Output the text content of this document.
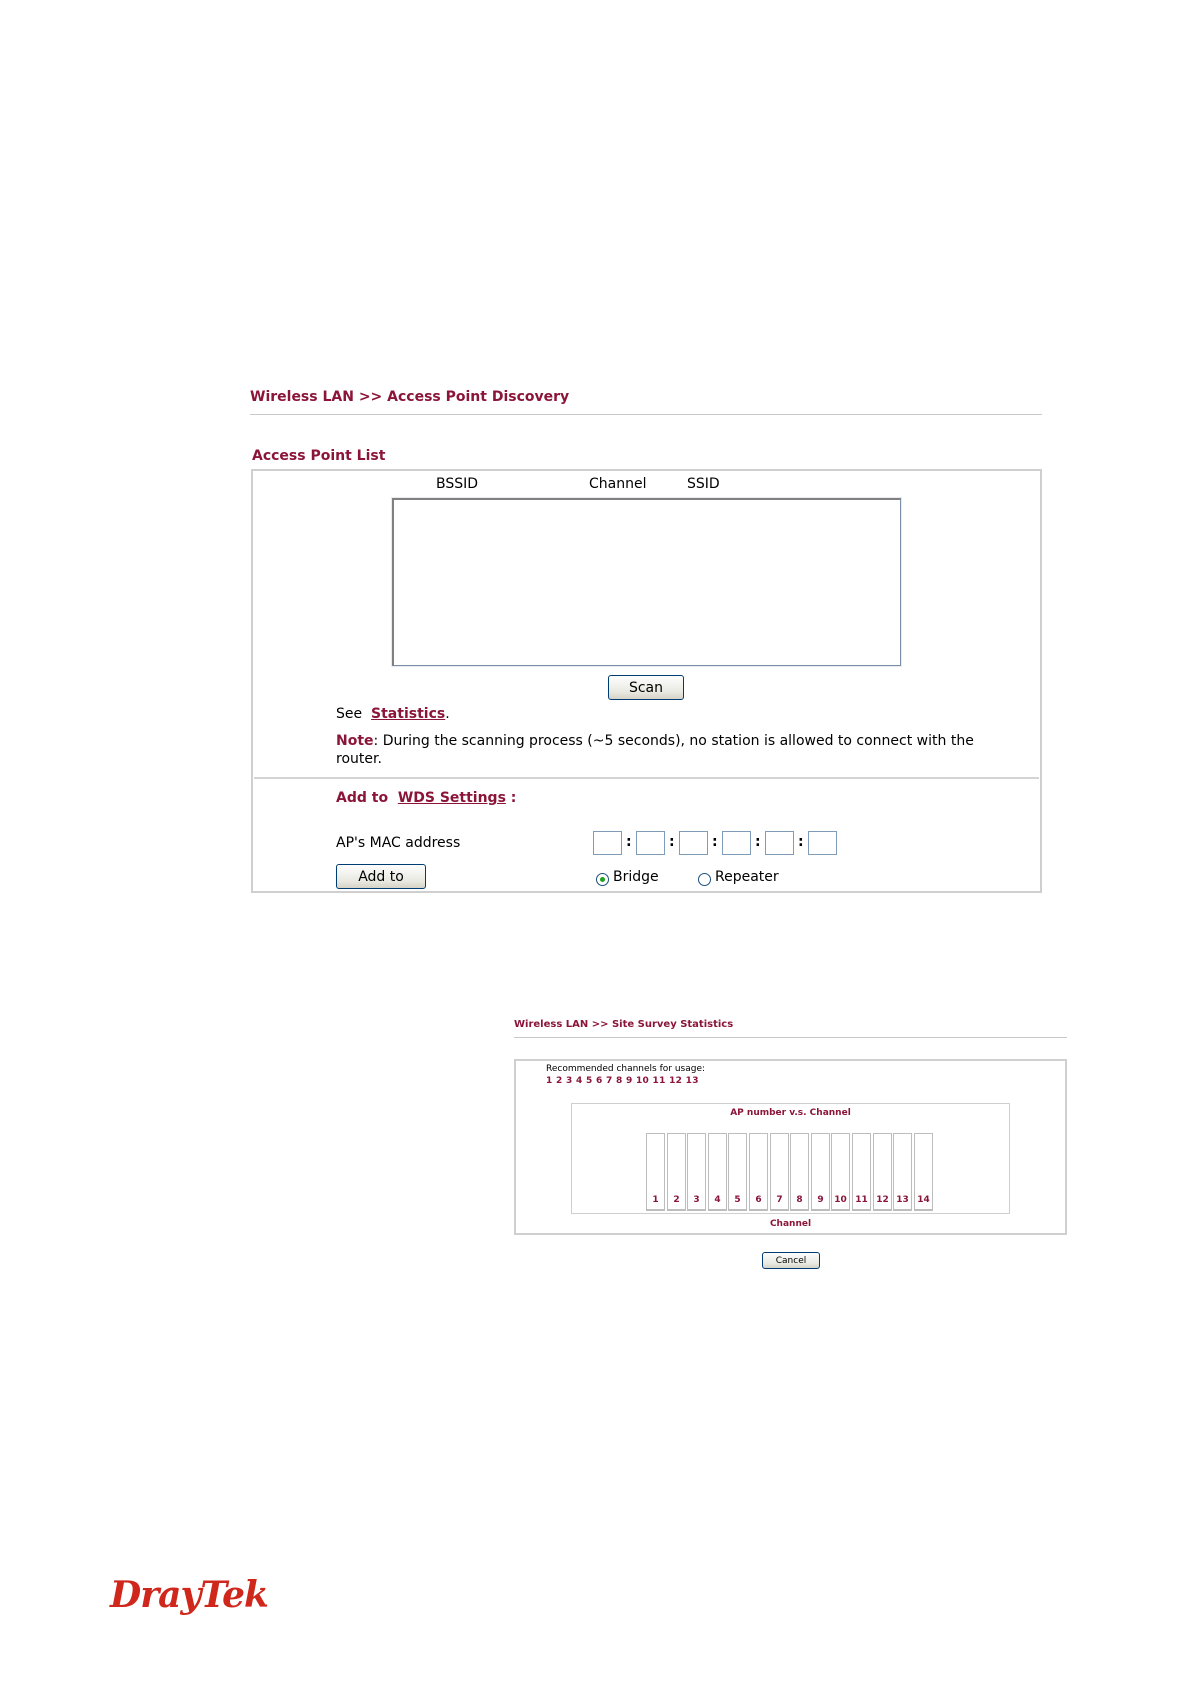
Wireless LAN >> Access Point Discovery
Access Point List
BSSID	Channel	SSID
Scan
See Statistics.
Note: During the scanning process (~5 seconds), no station is allowed to connect with the router.
Add to WDS Settings :
AP's MAC address	:	:	:	:	:
Add to	Bridge	Repeater
Wireless LAN >> Site Survey Statistics
Recommended channels for usage:
1 2 3 4 5 6 7 8 9 10 11 12 13
AP number v.s. Channel
1	2	3	4	5	6	7	8	9	10 11 12 13 14
Channel
Cancel
DrayTek
